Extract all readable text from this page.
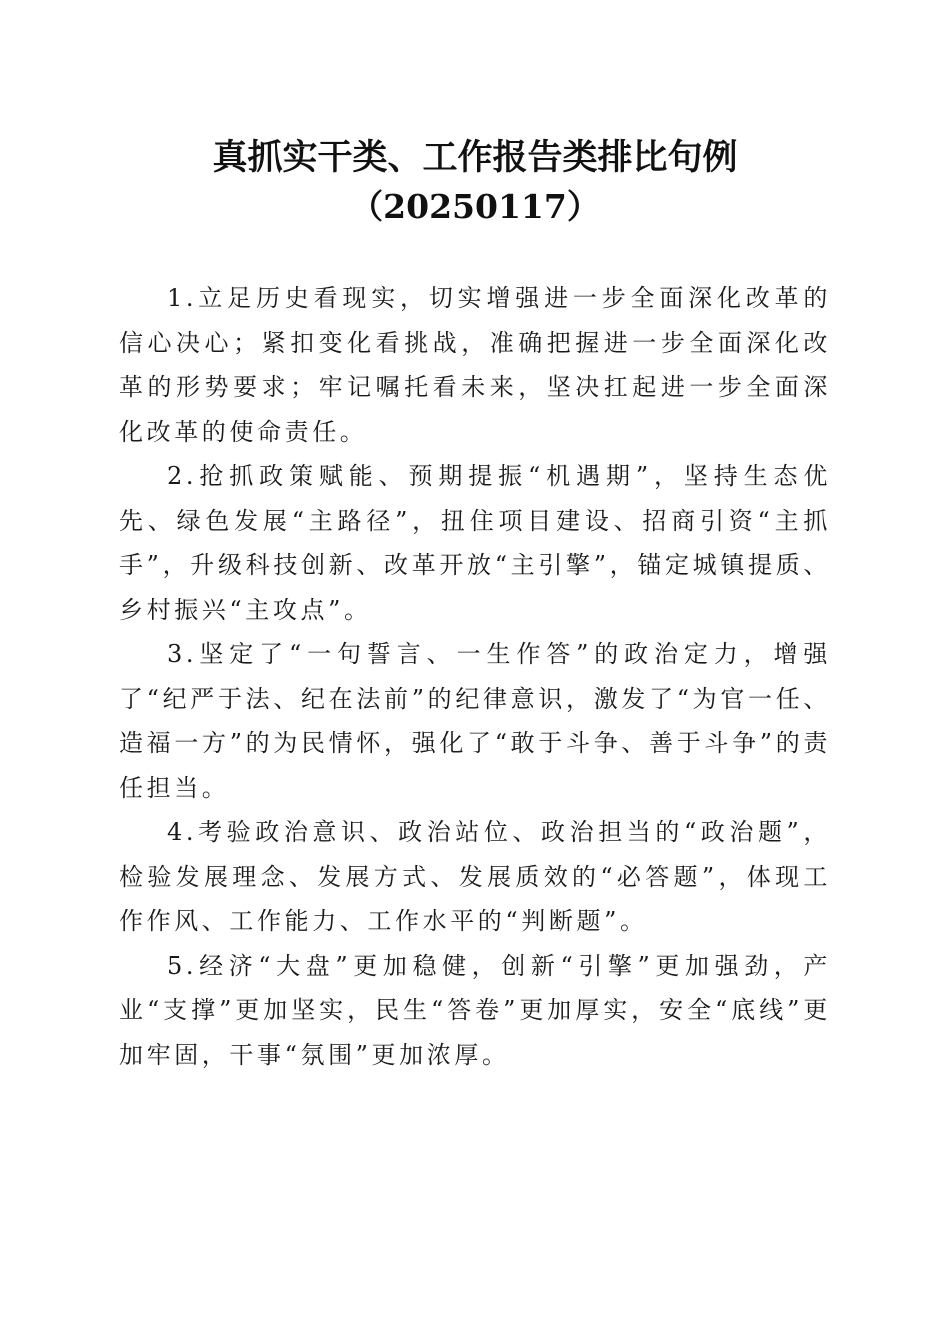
真抓实干类、工作报告类排比句例
（20250117）

1.立足历史看现实，切实增强进一步全面深化改革的信心决心；紧扣变化看挑战，准确把握进一步全面深化改革的形势要求；牢记嘱托看未来，坚决扛起进一步全面深化改革的使命责任。

2.抢抓政策赋能、预期提振“机遇期”，坚持生态优先、绿色发展“主路径”，扭住项目建设、招商引资“主抓手”，升级科技创新、改革开放“主引擎”，锚定城镇提质、乡村振兴“主攻点”。

3.坚定了“一句誓言、一生作答”的政治定力，增强了“纪严于法、纪在法前”的纪律意识，激发了“为官一任、造福一方”的为民情怀，强化了“敢于斗争、善于斗争”的责任担当。

4.考验政治意识、政治站位、政治担当的“政治题”，检验发展理念、发展方式、发展质效的“必答题”，体现工作作风、工作能力、工作水平的“判断题”。

5.经济“大盘”更加稳健，创新“引擎”更加强劲，产业“支撑”更加坚实，民生“答卷”更加厚实，安全“底线”更加牢固，干事“氛围”更加浓厚。
